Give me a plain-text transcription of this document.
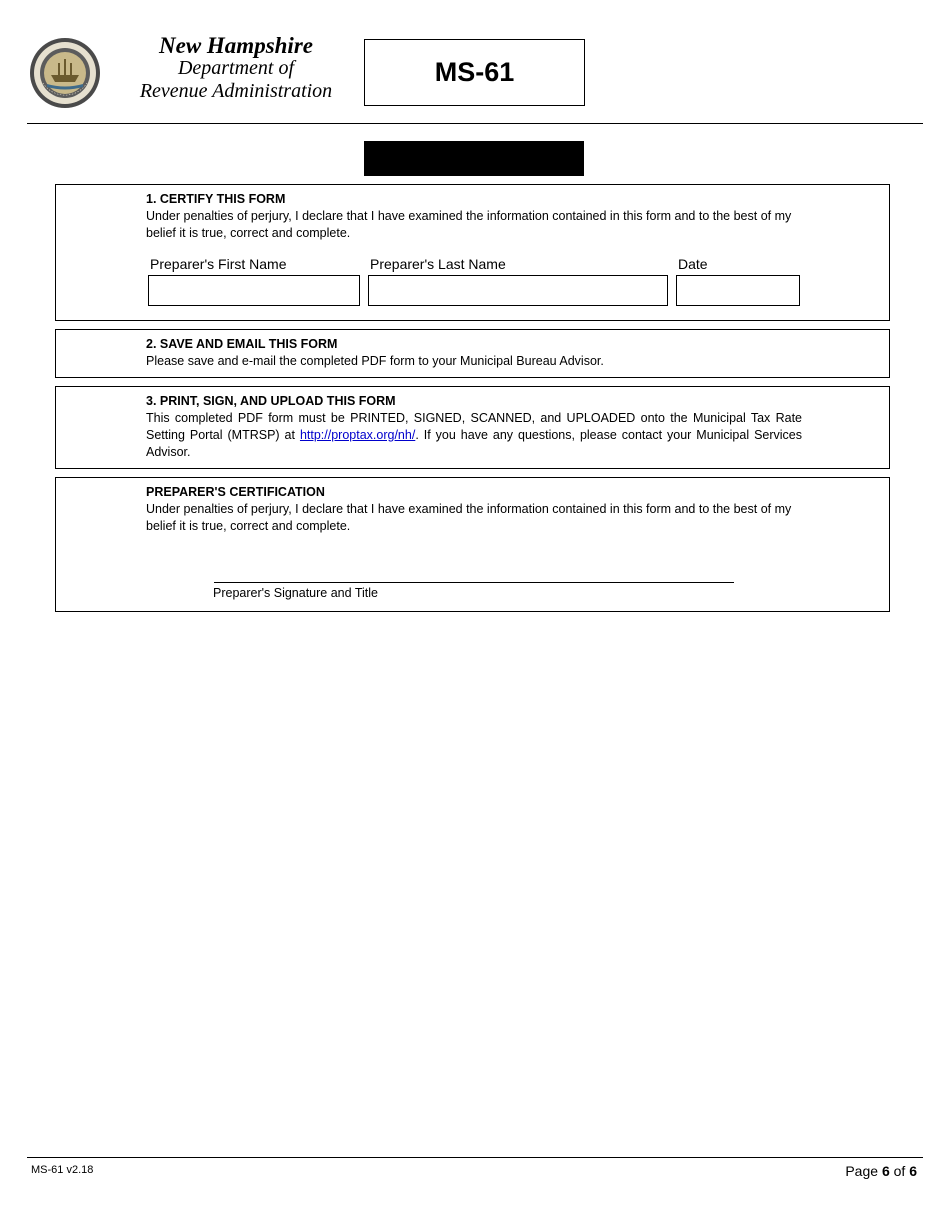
New Hampshire
Department of
Revenue Administration
MS-61
1. CERTIFY THIS FORM
Under penalties of perjury, I declare that I have examined the information contained in this form and to the best of my belief it is true, correct and complete.
Preparer's First Name	Preparer's Last Name	Date
2. SAVE AND EMAIL THIS FORM
Please save and e-mail the completed PDF form to your Municipal Bureau Advisor.
3. PRINT, SIGN, AND UPLOAD THIS FORM
This completed PDF form must be PRINTED, SIGNED, SCANNED, and UPLOADED onto the Municipal Tax Rate Setting Portal (MTRSP) at http://proptax.org/nh/. If you have any questions, please contact your Municipal Services Advisor.
PREPARER'S CERTIFICATION
Under penalties of perjury, I declare that I have examined the information contained in this form and to the best of my belief it is true, correct and complete.
Preparer's Signature and Title
MS-61 v2.18	Page 6 of 6
